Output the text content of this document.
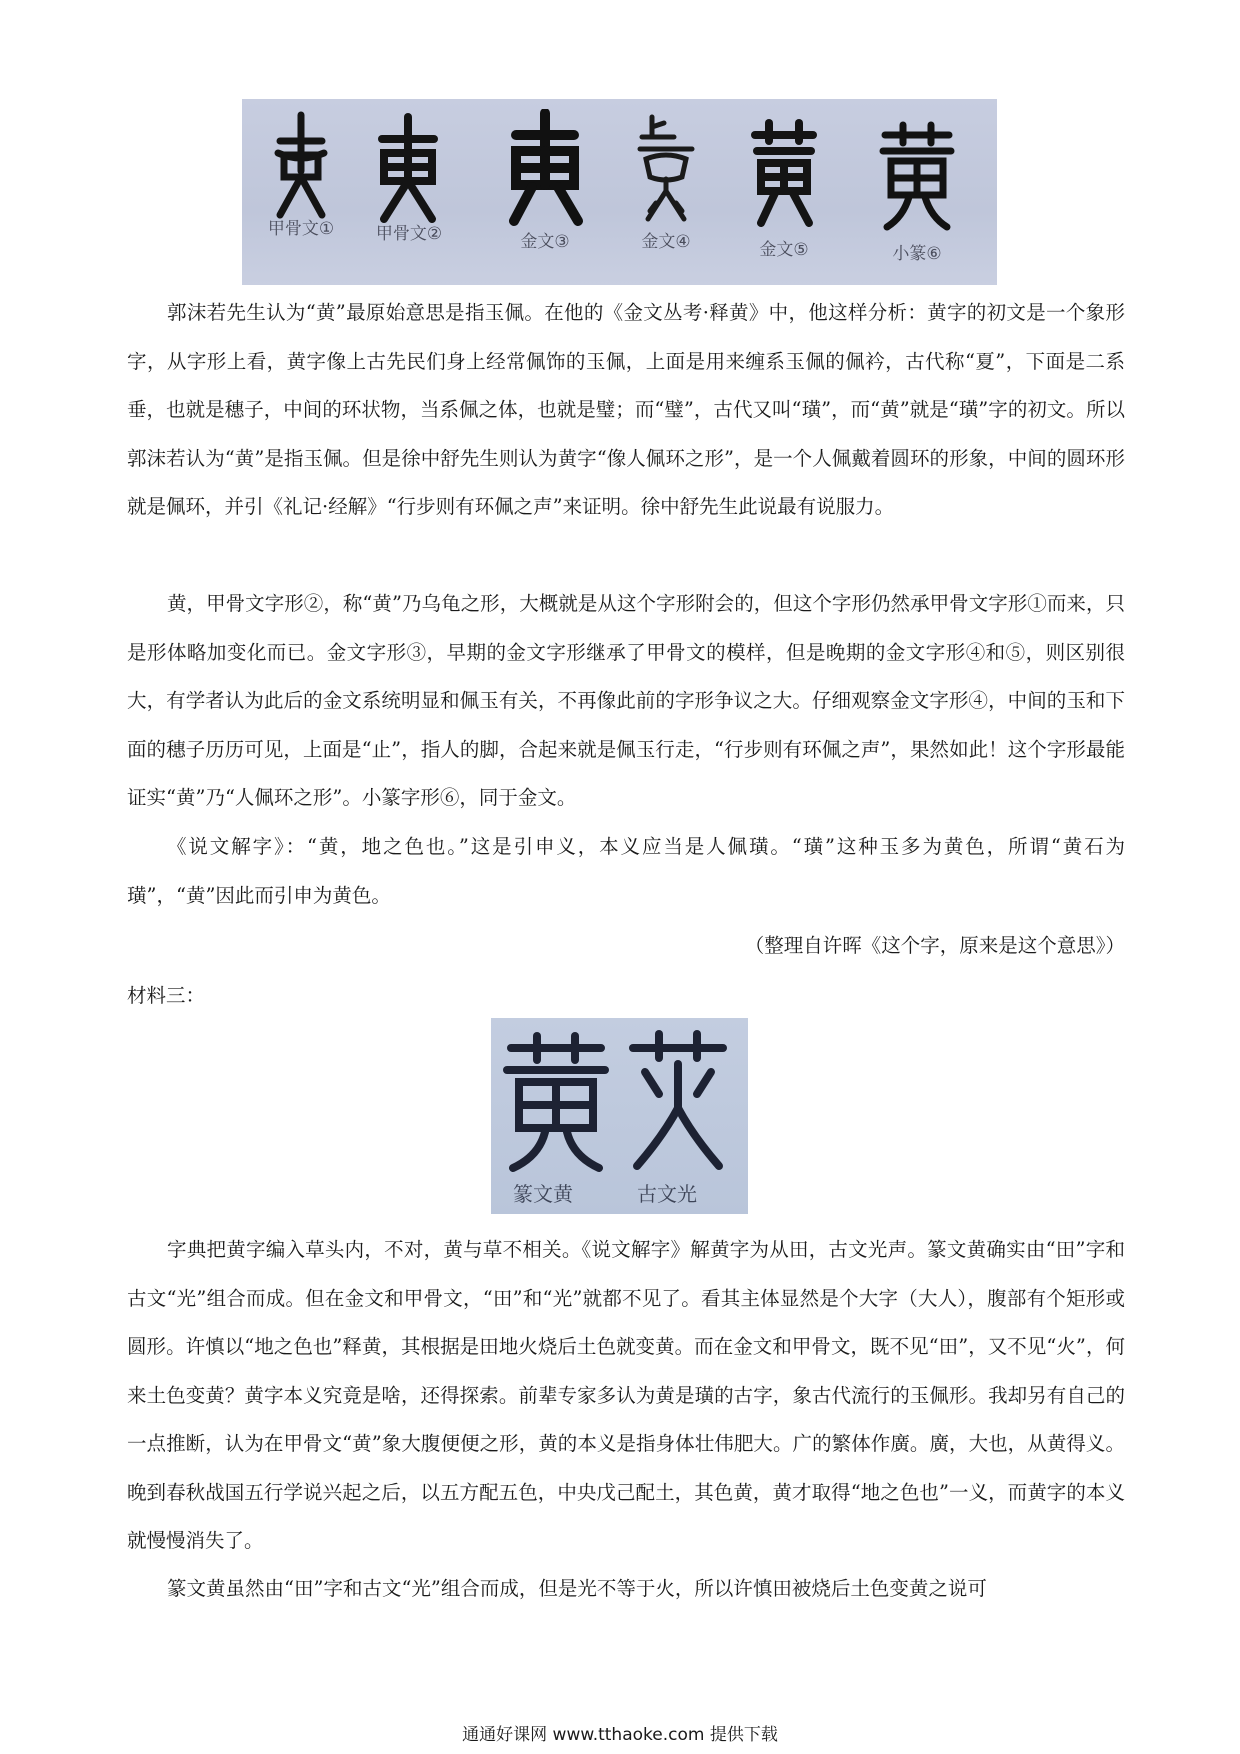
甲骨文①	甲骨文②	金文③	金文④	金文⑤	小篆⑥

郭沫若先生认为“黄”最原始意思是指玉佩。在他的《金文丛考·释黄》中，他这样分析：黄字的初文是一个象形字，从字形上看，黄字像上古先民们身上经常佩饰的玉佩，上面是用来缠系玉佩的佩衿，古代称“夏”，下面是二系垂，也就是穗子，中间的环状物，当系佩之体，也就是璧；而“璧”，古代又叫“璜”，而“黄”就是“璜”字的初文。所以郭沫若认为“黄”是指玉佩。但是徐中舒先生则认为黄字“像人佩环之形”，是一个人佩戴着圆环的形象，中间的圆环形就是佩环，并引《礼记·经解》“行步则有环佩之声”来证明。徐中舒先生此说最有说服力。

黄，甲骨文字形②，称“黄”乃乌龟之形，大概就是从这个字形附会的，但这个字形仍然承甲骨文字形①而来，只是形体略加变化而已。金文字形③，早期的金文字形继承了甲骨文的模样，但是晚期的金文字形④和⑤，则区别很大，有学者认为此后的金文系统明显和佩玉有关，不再像此前的字形争议之大。仔细观察金文字形④，中间的玉和下面的穗子历历可见，上面是“止”，指人的脚，合起来就是佩玉行走，“行步则有环佩之声”，果然如此！这个字形最能证实“黄”乃“人佩环之形”。小篆字形⑥，同于金文。

《说文解字》：“黄，地之色也。”这是引申义，本义应当是人佩璜。“璜”这种玉多为黄色，所谓“黄石为璜”，“黄”因此而引申为黄色。

（整理自许晖《这个字，原来是这个意思》）
材料三：
篆文黄	古文光

字典把黄字编入草头内，不对，黄与草不相关。《说文解字》解黄字为从田，古文光声。篆文黄确实由“田”字和古文“光”组合而成。但在金文和甲骨文，“田”和“光”就都不见了。看其主体显然是个大字（大人），腹部有个矩形或圆形。许慎以“地之色也”释黄，其根据是田地火烧后土色就变黄。而在金文和甲骨文，既不见“田”，又不见“火”，何来土色变黄？黄字本义究竟是啥，还得探索。前辈专家多认为黄是璜的古字，象古代流行的玉佩形。我却另有自己的一点推断，认为在甲骨文“黄”象大腹便便之形，黄的本义是指身体壮伟肥大。广的繁体作廣。廣，大也，从黄得义。晚到春秋战国五行学说兴起之后，以五方配五色，中央戊己配土，其色黄，黄才取得“地之色也”一义，而黄字的本义就慢慢消失了。

篆文黄虽然由“田”字和古文“光”组合而成，但是光不等于火，所以许慎田被烧后土色变黄之说可

通通好课网 www.tthaoke.com 提供下载
